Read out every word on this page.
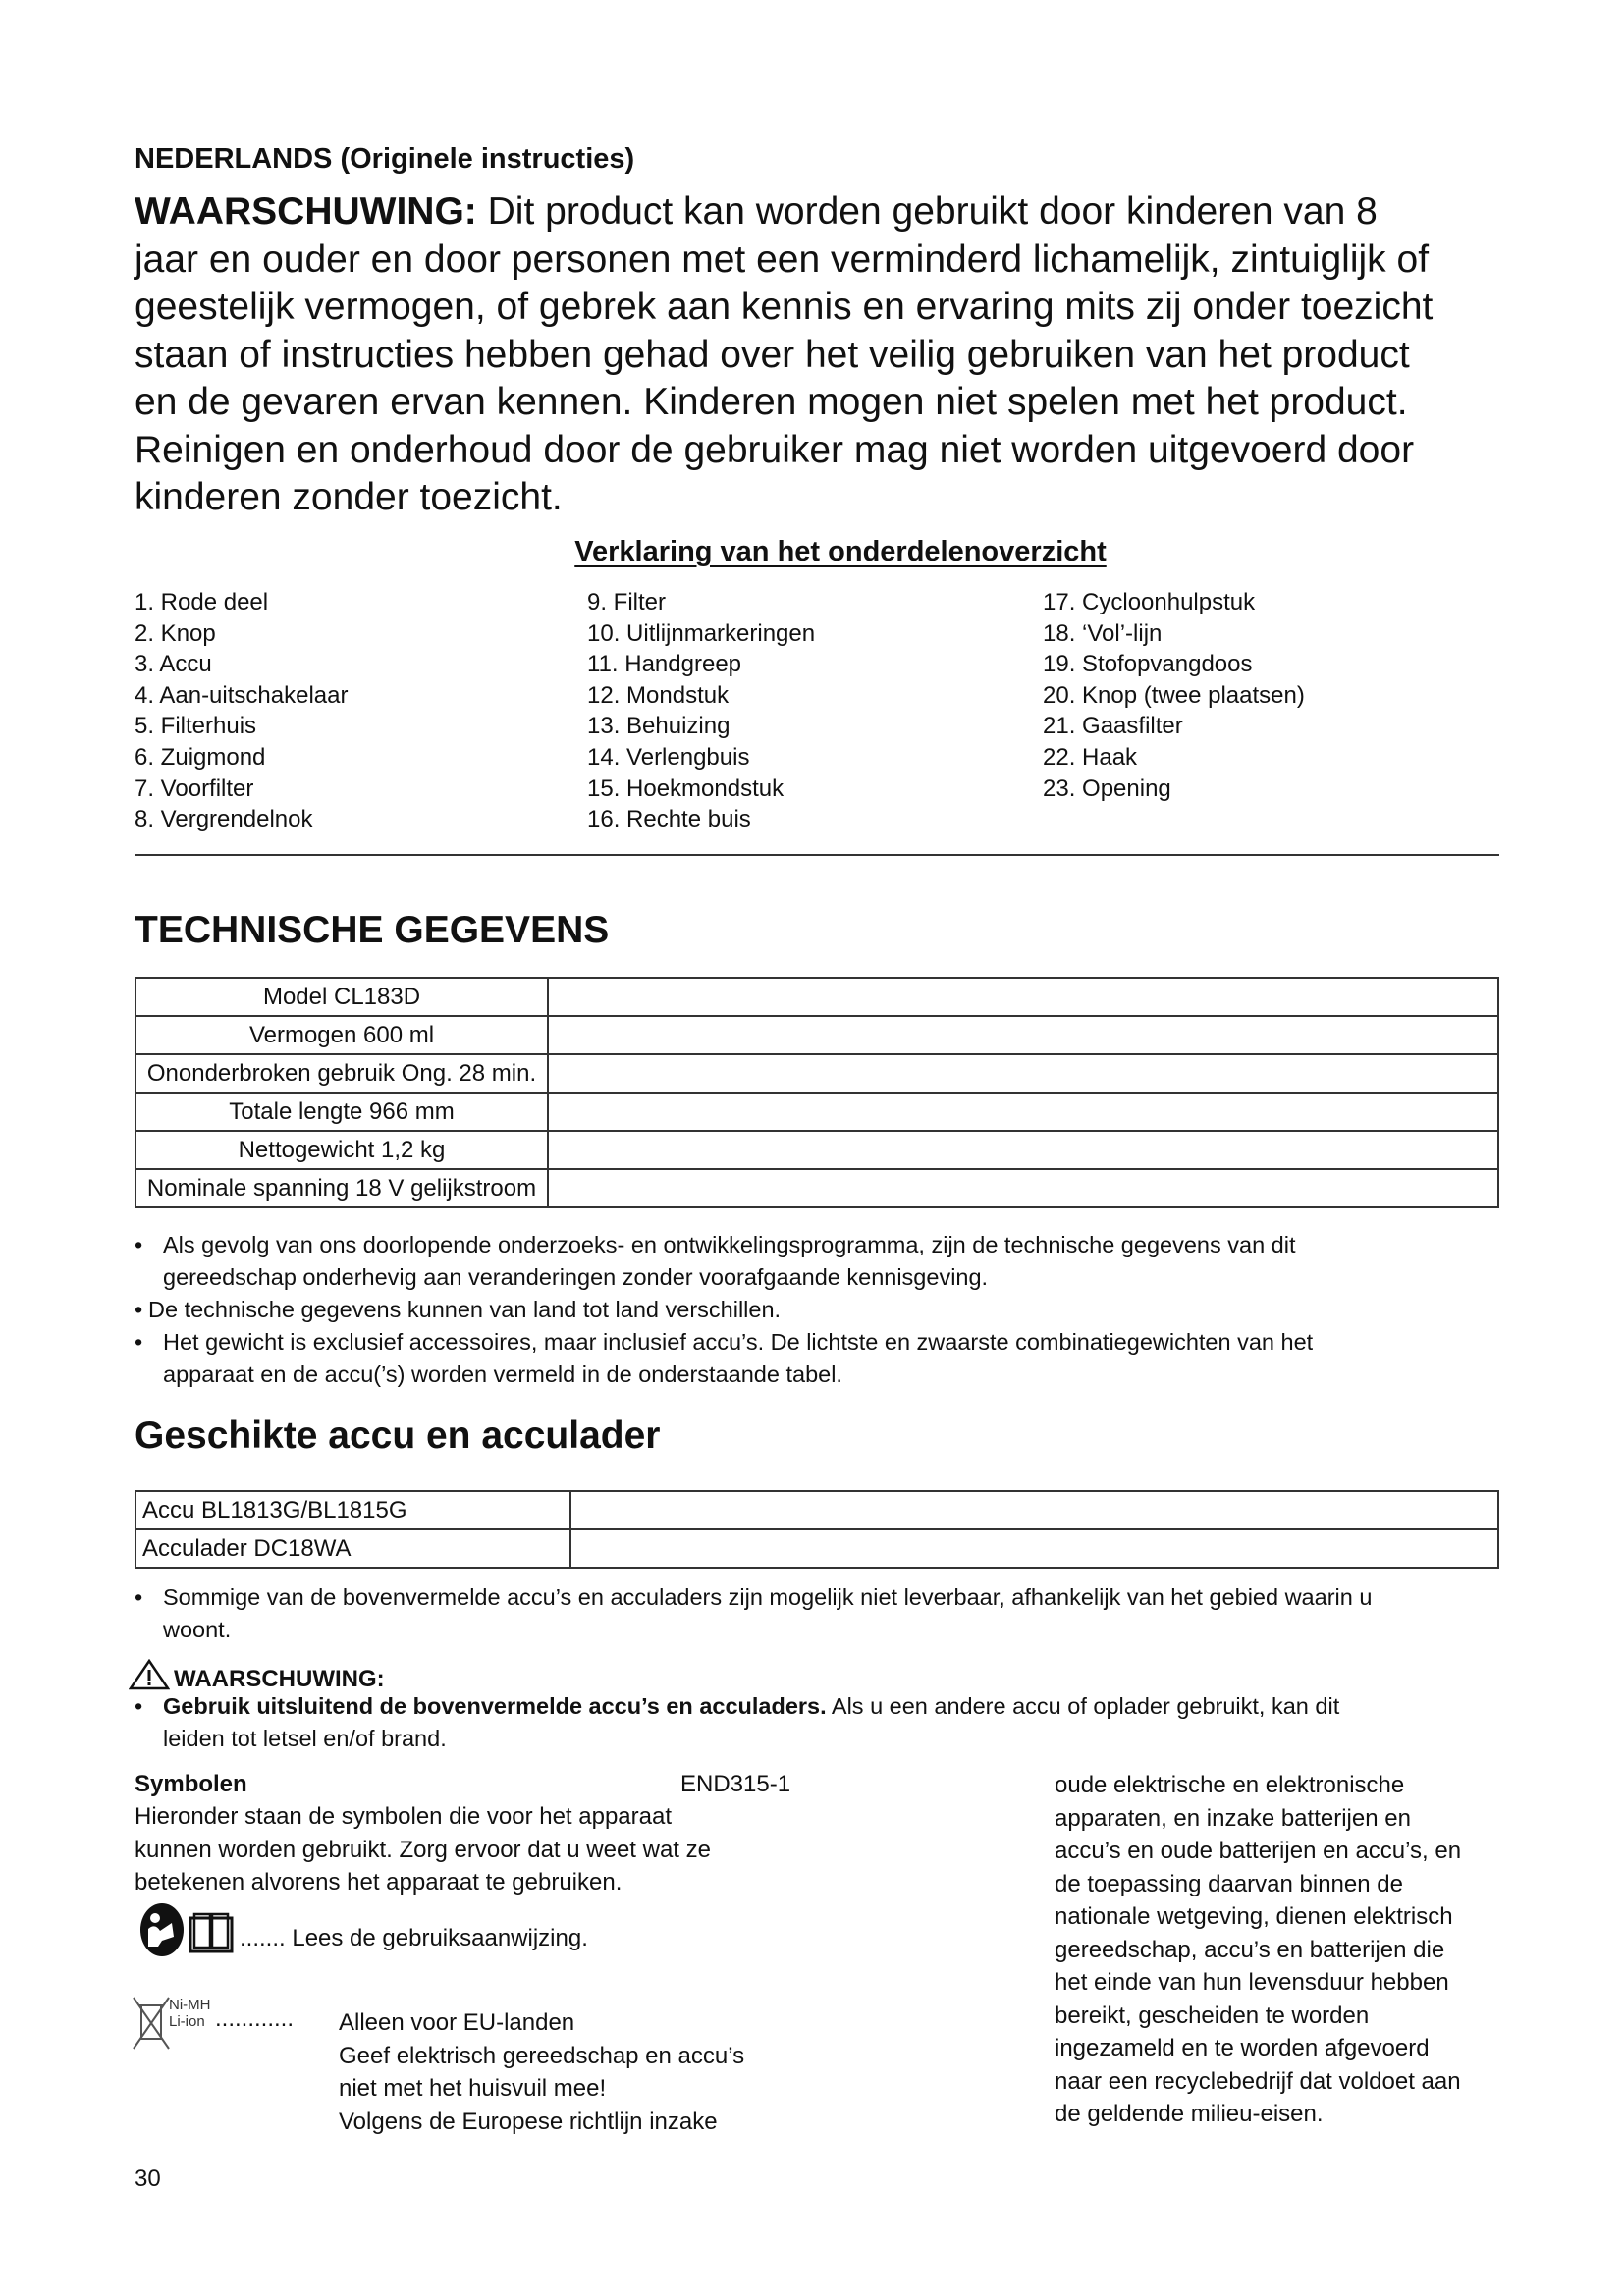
NEDERLANDS (Originele instructies)
WAARSCHUWING: Dit product kan worden gebruikt door kinderen van 8
jaar en ouder en door personen met een verminderd lichamelijk, zintuiglijk of
geestelijk vermogen, of gebrek aan kennis en ervaring mits zij onder toezicht
staan of instructies hebben gehad over het veilig gebruiken van het product
en de gevaren ervan kennen. Kinderen mogen niet spelen met het product.
Reinigen en onderhoud door de gebruiker mag niet worden uitgevoerd door
kinderen zonder toezicht.
Verklaring van het onderdelenoverzicht
1. Rode deel
2. Knop
3. Accu
4. Aan-uitschakelaar
5. Filterhuis
6. Zuigmond
7. Voorfilter
8. Vergrendelnok
9. Filter
10. Uitlijnmarkeringen
11. Handgreep
12. Mondstuk
13. Behuizing
14. Verlengbuis
15. Hoekmondstuk
16. Rechte buis
17. Cycloonhulpstuk
18. ‘Vol’-lijn
19. Stofopvangdoos
20. Knop (twee plaatsen)
21. Gaasfilter
22. Haak
23. Opening
TECHNISCHE GEGEVENS
Model CL183D	
Vermogen 600 ml	
Ononderbroken gebruik Ong. 28 min.	
Totale lengte 966 mm	
Nettogewicht 1,2 kg	
Nominale spanning 18 V gelijkstroom	
• Als gevolg van ons doorlopende onderzoeks- en ontwikkelingsprogramma, zijn de technische gegevens van dit
gereedschap onderhevig aan veranderingen zonder voorafgaande kennisgeving.
• De technische gegevens kunnen van land tot land verschillen.
• Het gewicht is exclusief accessoires, maar inclusief accu’s. De lichtste en zwaarste combinatiegewichten van het
apparaat en de accu(’s) worden vermeld in de onderstaande tabel.
Geschikte accu en acculader
Accu BL1813G/BL1815G	
Acculader DC18WA	
• Sommige van de bovenvermelde accu’s en acculaders zijn mogelijk niet leverbaar, afhankelijk van het gebied waarin u
woont.
WAARSCHUWING:
• Gebruik uitsluitend de bovenvermelde accu’s en acculaders. Als u een andere accu of oplader gebruikt, kan dit
leiden tot letsel en/of brand.
Symbolen	END315-1
Hieronder staan de symbolen die voor het apparaat
kunnen worden gebruikt. Zorg ervoor dat u weet wat ze
betekenen alvorens het apparaat te gebruiken.
....... Lees de gebruiksaanwijzing.
Ni-MH
Li-ion ............ Alleen voor EU-landen
Geef elektrisch gereedschap en accu’s
niet met het huisvuil mee!
Volgens de Europese richtlijn inzake
oude elektrische en elektronische
apparaten, en inzake batterijen en
accu’s en oude batterijen en accu’s, en
de toepassing daarvan binnen de
nationale wetgeving, dienen elektrisch
gereedschap, accu’s en batterijen die
het einde van hun levensduur hebben
bereikt, gescheiden te worden
ingezameld en te worden afgevoerd
naar een recyclebedrijf dat voldoet aan
de geldende milieu-eisen.
30
